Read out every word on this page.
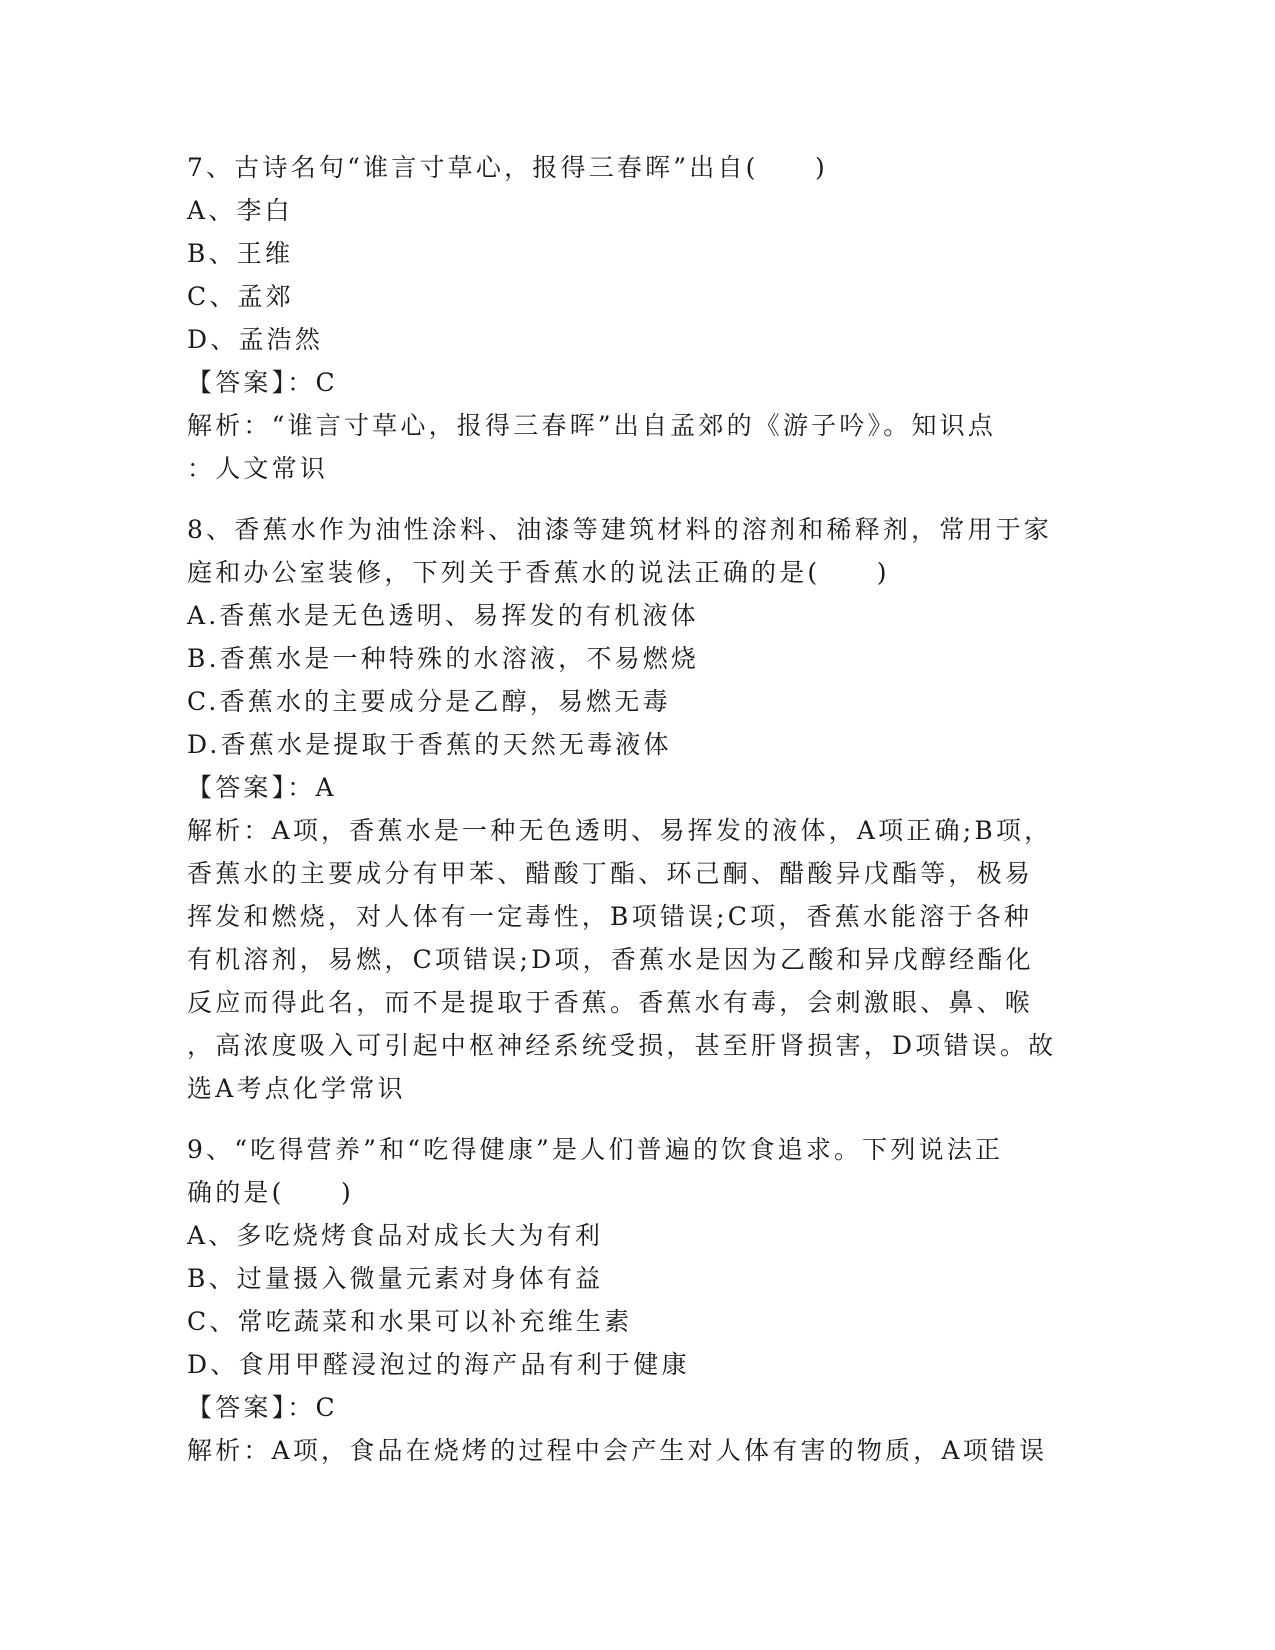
7、古诗名句“谁言寸草心，报得三春晖”出自(　　)
A、李白
B、王维
C、孟郊
D、孟浩然
【答案】：C
解析：“谁言寸草心，报得三春晖”出自孟郊的《游子吟》。知识点
：人文常识
8、香蕉水作为油性涂料、油漆等建筑材料的溶剂和稀释剂，常用于家
庭和办公室装修，下列关于香蕉水的说法正确的是(　　)
A.香蕉水是无色透明、易挥发的有机液体
B.香蕉水是一种特殊的水溶液，不易燃烧
C.香蕉水的主要成分是乙醇，易燃无毒
D.香蕉水是提取于香蕉的天然无毒液体
【答案】：A
解析：A项，香蕉水是一种无色透明、易挥发的液体，A项正确;B项，
香蕉水的主要成分有甲苯、醋酸丁酯、环己酮、醋酸异戊酯等，极易
挥发和燃烧，对人体有一定毒性，B项错误;C项，香蕉水能溶于各种
有机溶剂，易燃，C项错误;D项，香蕉水是因为乙酸和异戊醇经酯化
反应而得此名，而不是提取于香蕉。香蕉水有毒，会刺激眼、鼻、喉
，高浓度吸入可引起中枢神经系统受损，甚至肝肾损害，D项错误。故
选A考点化学常识
9、“吃得营养”和“吃得健康”是人们普遍的饮食追求。下列说法正
确的是(　　)
A、多吃烧烤食品对成长大为有利
B、过量摄入微量元素对身体有益
C、常吃蔬菜和水果可以补充维生素
D、食用甲醛浸泡过的海产品有利于健康
【答案】：C
解析：A项，食品在烧烤的过程中会产生对人体有害的物质，A项错误
